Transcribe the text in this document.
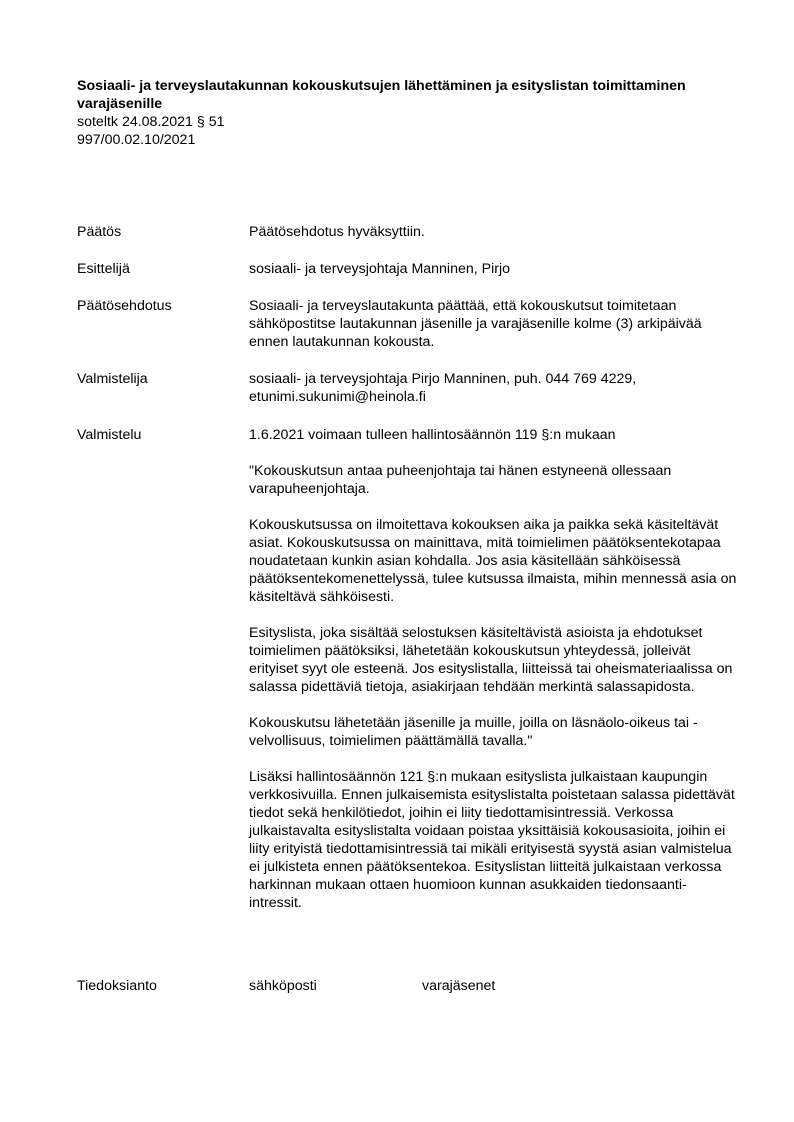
Sosiaali- ja terveyslautakunnan kokouskutsujen lähettäminen ja esityslistan toimittaminen varajäsenille

soteltk 24.08.2021 § 51

997/00.02.10/2021

Päätös	Päätösehdotus hyväksyttiin.
Esittelijä	sosiaali- ja terveysjohtaja Manninen, Pirjo
Päätösehdotus	Sosiaali- ja terveyslautakunta päättää, että kokouskutsut toimitetaan sähköpostitse lautakunnan jäsenille ja varajäsenille kolme (3) arkipäivää ennen lautakunnan kokousta.
Valmistelija	sosiaali- ja terveysjohtaja Pirjo Manninen, puh. 044 769 4229, etunimi.sukunimi@heinola.fi
Valmistelu	1.6.2021 voimaan tulleen hallintosäännön 119 §:n mukaan

"Kokouskutsun antaa puheenjohtaja tai hänen estyneenä ollessaan varapuheenjohtaja.

Kokouskutsussa on ilmoitettava kokouksen aika ja paikka sekä käsiteltävät asiat. Kokouskutsussa on mainittava, mitä toimielimen päätöksentekotapaa noudatetaan kunkin asian kohdalla. Jos asia käsitellään sähköisessä päätöksentekomenettelyssä, tulee kutsussa ilmaista, mihin mennessä asia on käsiteltävä sähköisesti.

Esityslista, joka sisältää selostuksen käsiteltävistä asioista ja ehdotukset toimielimen päätöksiksi, lähetetään kokouskutsun yhteydessä, jolleivät erityiset syyt ole esteenä. Jos esityslistalla, liitteissä tai oheismateriaalissa on salassa pidettäviä tietoja, asiakirjaan tehdään merkintä salassapidosta.

Kokouskutsu lähetetään jäsenille ja muille, joilla on läsnäolo-oikeus tai -velvollisuus, toimielimen päättämällä tavalla."

Lisäksi hallintosäännön 121 §:n mukaan esityslista julkaistaan kaupungin verkkosivuilla. Ennen julkaisemista esityslistalta poistetaan salassa pidettävät tiedot sekä henkilötiedot, joihin ei liity tiedottamisintressiä. Verkossa julkaistavalta esityslistalta voidaan poistaa yksittäisiä kokousasioita, joihin ei liity erityistä tiedottamisintressiä tai mikäli erityisestä syystä asian valmistelua ei julkisteta ennen päätöksentekoa. Esityslistan liitteitä julkaistaan verkossa harkinnan mukaan ottaen huomioon kunnan asukkaiden tiedonsaanti-intressit.

Tiedoksianto	sähköposti	varajäsenet
